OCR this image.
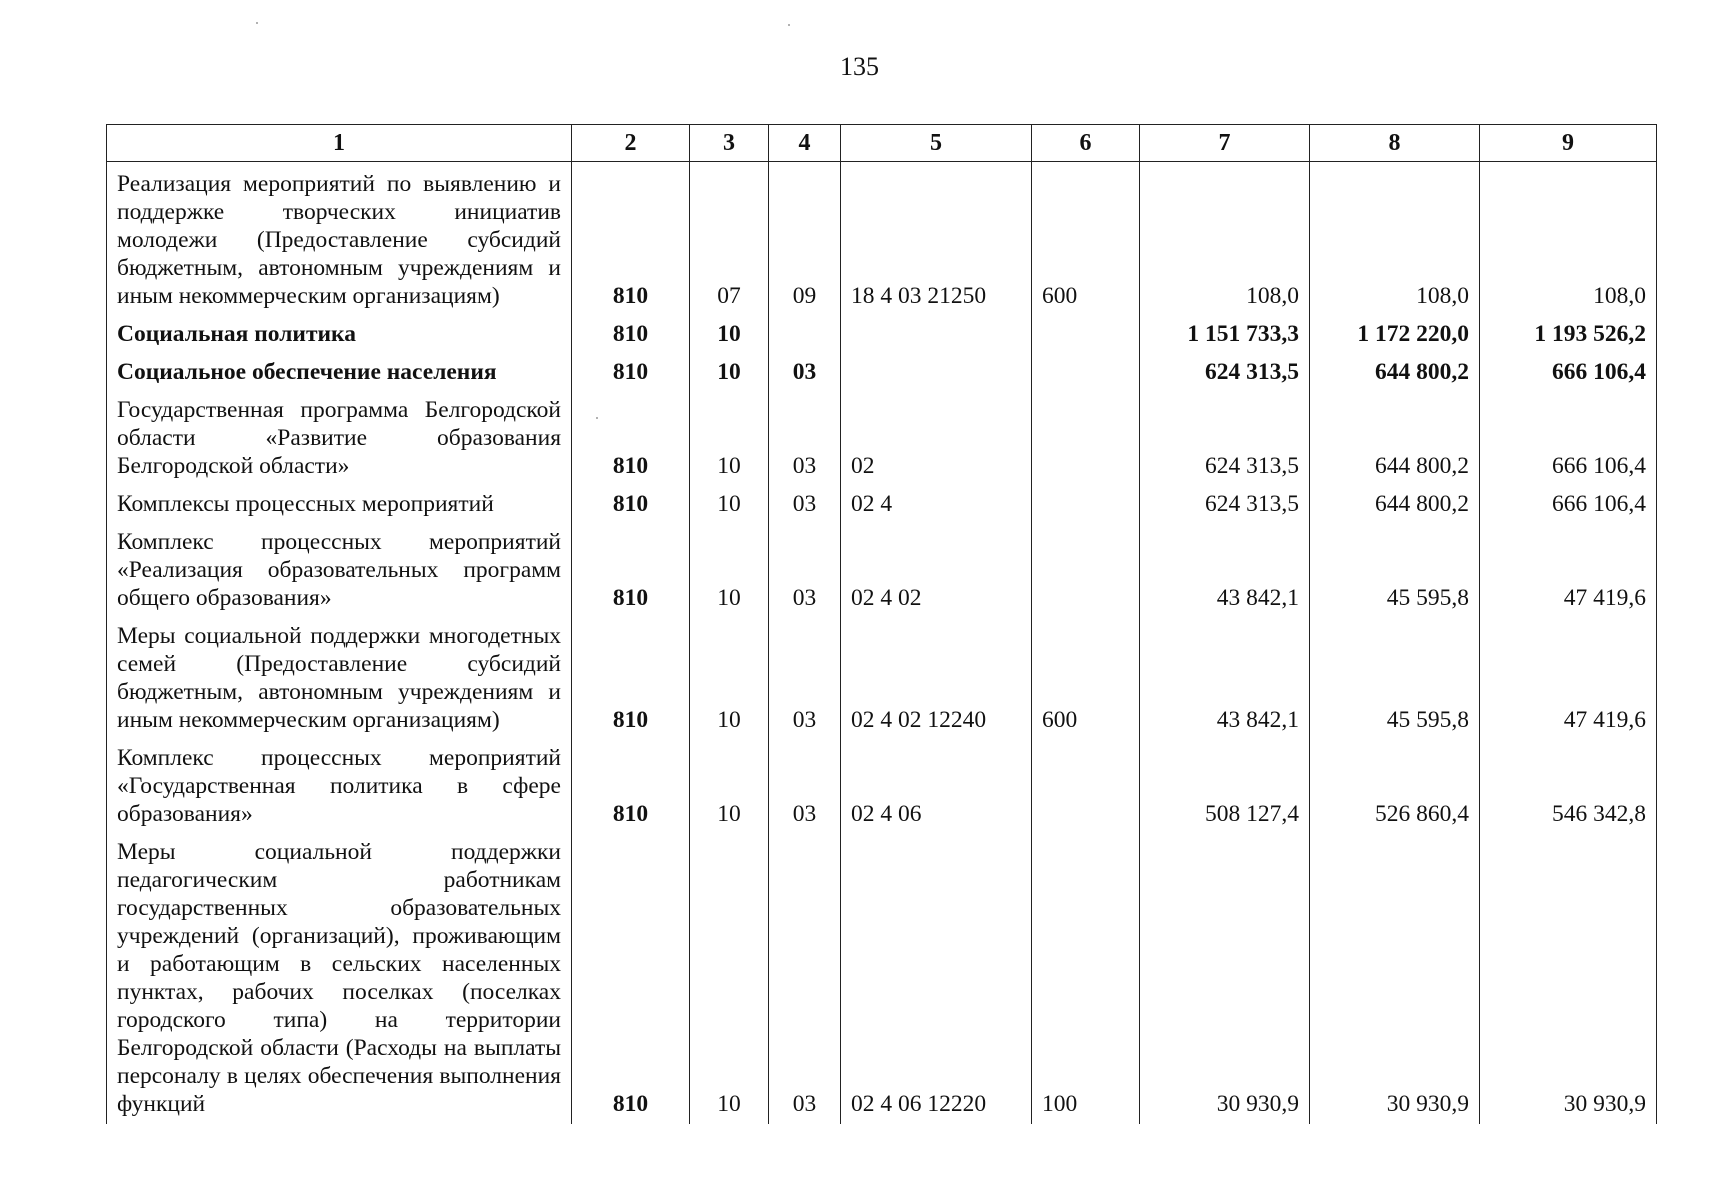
135
1	2	3	4	5	6	7	8	9
Реализация мероприятий по выявлению и поддержке творческих инициатив молодежи (Предоставление субсидий бюджетным, автономным учреждениям и иным некоммерческим организациям)	810	07	09	18 4 03 21250	600	108,0	108,0	108,0
Социальная политика	810	10				1 151 733,3	1 172 220,0	1 193 526,2
Социальное обеспечение населения	810	10	03			624 313,5	644 800,2	666 106,4
Государственная программа Белгородской области «Развитие образования Белгородской области»	810	10	03	02		624 313,5	644 800,2	666 106,4
Комплексы процессных мероприятий	810	10	03	02 4		624 313,5	644 800,2	666 106,4
Комплекс процессных мероприятий «Реализация образовательных программ общего образования»	810	10	03	02 4 02		43 842,1	45 595,8	47 419,6
Меры социальной поддержки многодетных семей (Предоставление субсидий бюджетным, автономным учреждениям и иным некоммерческим организациям)	810	10	03	02 4 02 12240	600	43 842,1	45 595,8	47 419,6
Комплекс процессных мероприятий «Государственная политика в сфере образования»	810	10	03	02 4 06		508 127,4	526 860,4	546 342,8
Меры социальной поддержки педагогическим работникам государственных образовательных учреждений (организаций), проживающим и работающим в сельских населенных пунктах, рабочих поселках (поселках городского типа) на территории Белгородской области (Расходы на выплаты персоналу в целях обеспечения выполнения функций	810	10	03	02 4 06 12220	100	30 930,9	30 930,9	30 930,9
